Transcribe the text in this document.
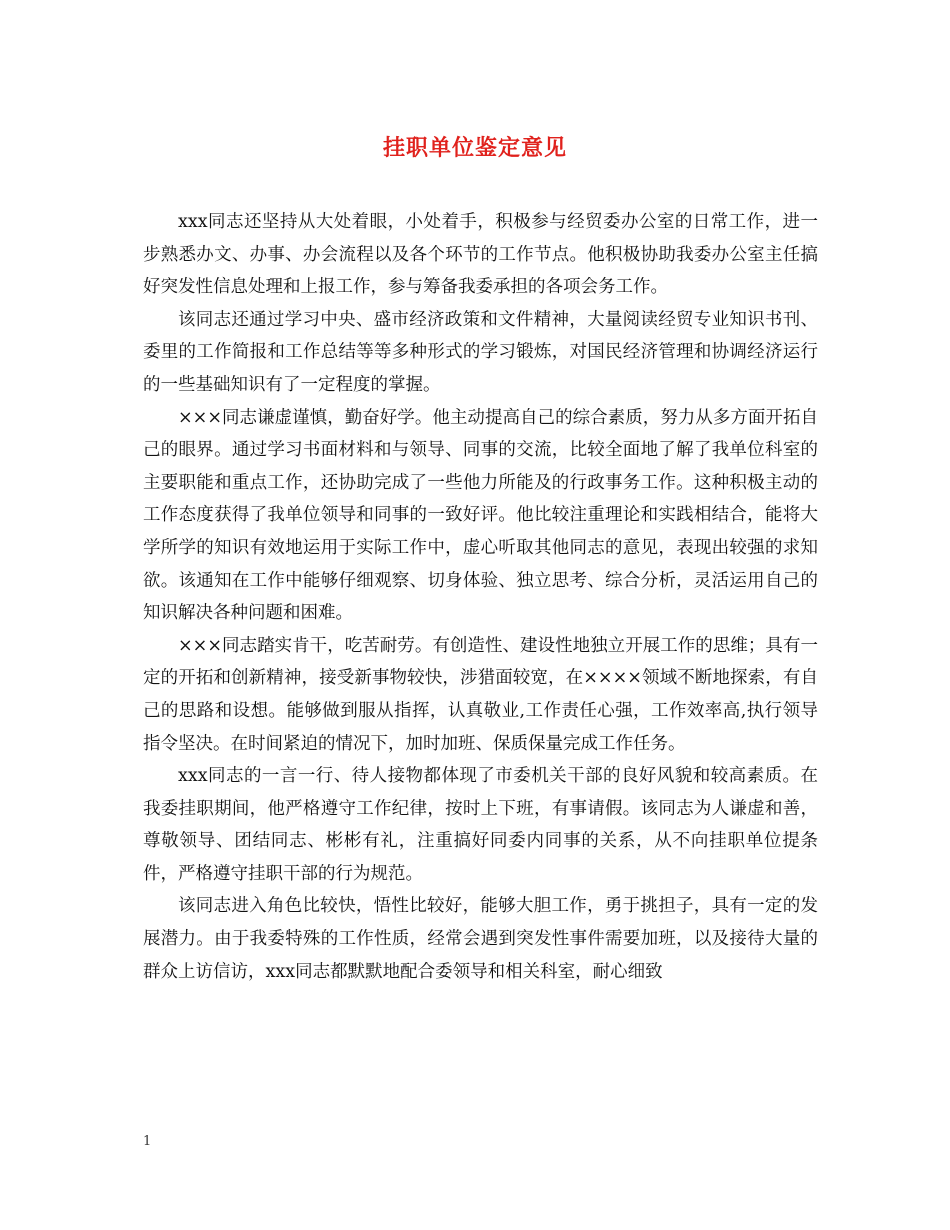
挂职单位鉴定意见

xxx同志还坚持从大处着眼，小处着手，积极参与经贸委办公室的日常工作，进一步熟悉办文、办事、办会流程以及各个环节的工作节点。他积极协助我委办公室主任搞好突发性信息处理和上报工作，参与筹备我委承担的各项会务工作。

该同志还通过学习中央、盛市经济政策和文件精神，大量阅读经贸专业知识书刊、委里的工作简报和工作总结等等多种形式的学习锻炼，对国民经济管理和协调经济运行的一些基础知识有了一定程度的掌握。

×××同志谦虚谨慎，勤奋好学。他主动提高自己的综合素质，努力从多方面开拓自己的眼界。通过学习书面材料和与领导、同事的交流，比较全面地了解了我单位科室的主要职能和重点工作，还协助完成了一些他力所能及的行政事务工作。这种积极主动的工作态度获得了我单位领导和同事的一致好评。他比较注重理论和实践相结合，能将大学所学的知识有效地运用于实际工作中，虚心听取其他同志的意见，表现出较强的求知欲。该通知在工作中能够仔细观察、切身体验、独立思考、综合分析，灵活运用自己的知识解决各种问题和困难。

×××同志踏实肯干，吃苦耐劳。有创造性、建设性地独立开展工作的思维；具有一定的开拓和创新精神，接受新事物较快，涉猎面较宽，在××××领域不断地探索，有自己的思路和设想。能够做到服从指挥，认真敬业,工作责任心强，工作效率高,执行领导指令坚决。在时间紧迫的情况下，加时加班、保质保量完成工作任务。

xxx同志的一言一行、待人接物都体现了市委机关干部的良好风貌和较高素质。在我委挂职期间，他严格遵守工作纪律，按时上下班，有事请假。该同志为人谦虚和善，尊敬领导、团结同志、彬彬有礼，注重搞好同委内同事的关系，从不向挂职单位提条件，严格遵守挂职干部的行为规范。

该同志进入角色比较快，悟性比较好，能够大胆工作，勇于挑担子，具有一定的发展潜力。由于我委特殊的工作性质，经常会遇到突发性事件需要加班，以及接待大量的群众上访信访，xxx同志都默默地配合委领导和相关科室，耐心细致

1
